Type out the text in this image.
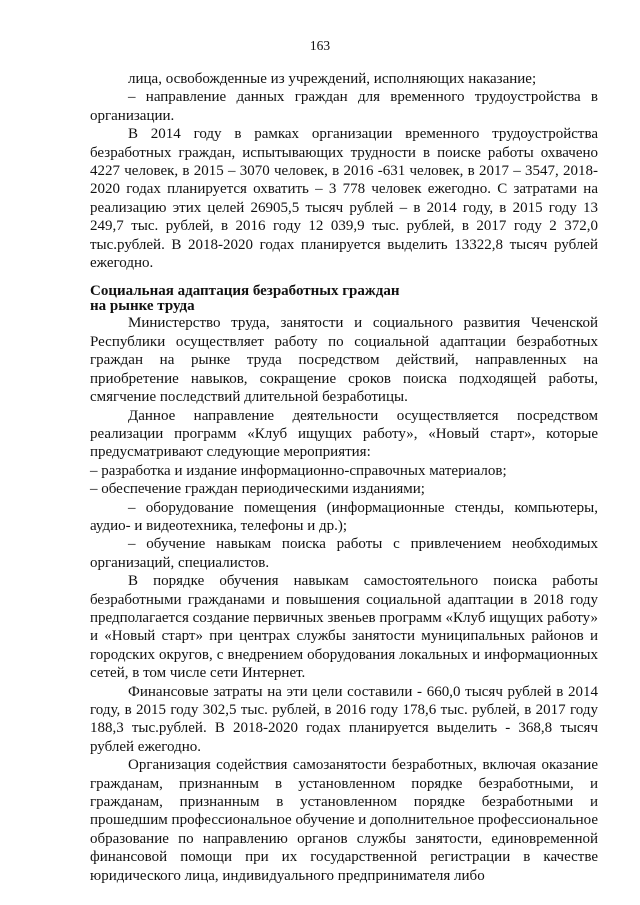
163

лица, освобожденные из учреждений, исполняющих наказание;

– направление данных граждан для временного трудоустройства в организации.

В 2014 году в рамках организации временного трудоустройства безработных граждан, испытывающих трудности в поиске работы охвачено 4227 человек, в 2015 – 3070 человек, в 2016 -631 человек, в 2017 – 3547, 2018-2020 годах планируется охватить – 3 778 человек ежегодно. С затратами на реализацию этих целей 26905,5 тысяч рублей – в 2014 году, в 2015 году 13 249,7 тыс. рублей, в 2016 году 12 039,9 тыс. рублей, в 2017 году 2 372,0 тыс.рублей. В 2018-2020 годах планируется выделить 13322,8 тысяч рублей ежегодно.

Социальная адаптация безработных граждан

на рынке труда

Министерство труда, занятости и социального развития Чеченской Республики осуществляет работу по социальной адаптации безработных граждан на рынке труда посредством действий, направленных на приобретение навыков, сокращение сроков поиска подходящей работы, смягчение последствий длительной безработицы.

Данное направление деятельности осуществляется посредством реализации программ «Клуб ищущих работу», «Новый старт», которые предусматривают следующие мероприятия:

– разработка и издание информационно-справочных материалов;

– обеспечение граждан периодическими изданиями;

– оборудование помещения (информационные стенды, компьютеры, аудио- и видеотехника, телефоны и др.);

– обучение навыкам поиска работы с привлечением необходимых организаций, специалистов.

В порядке обучения навыкам самостоятельного поиска работы безработными гражданами и повышения социальной адаптации в 2018 году предполагается создание первичных звеньев программ «Клуб ищущих работу» и «Новый старт» при центрах службы занятости муниципальных районов и городских округов, с внедрением оборудования локальных и информационных сетей, в том числе сети Интернет.

Финансовые затраты на эти цели составили - 660,0 тысяч рублей в 2014 году, в 2015 году 302,5 тыс. рублей, в 2016 году 178,6 тыс. рублей, в 2017 году 188,3 тыс.рублей. В 2018-2020 годах планируется выделить - 368,8 тысяч рублей ежегодно.

Организация содействия самозанятости безработных, включая оказание гражданам, признанным в установленном порядке безработными, и гражданам, признанным в установленном порядке безработными и прошедшим профессиональное обучение и дополнительное профессиональное образование по направлению органов службы занятости, единовременной финансовой помощи при их государственной регистрации в качестве юридического лица, индивидуального предпринимателя либо
